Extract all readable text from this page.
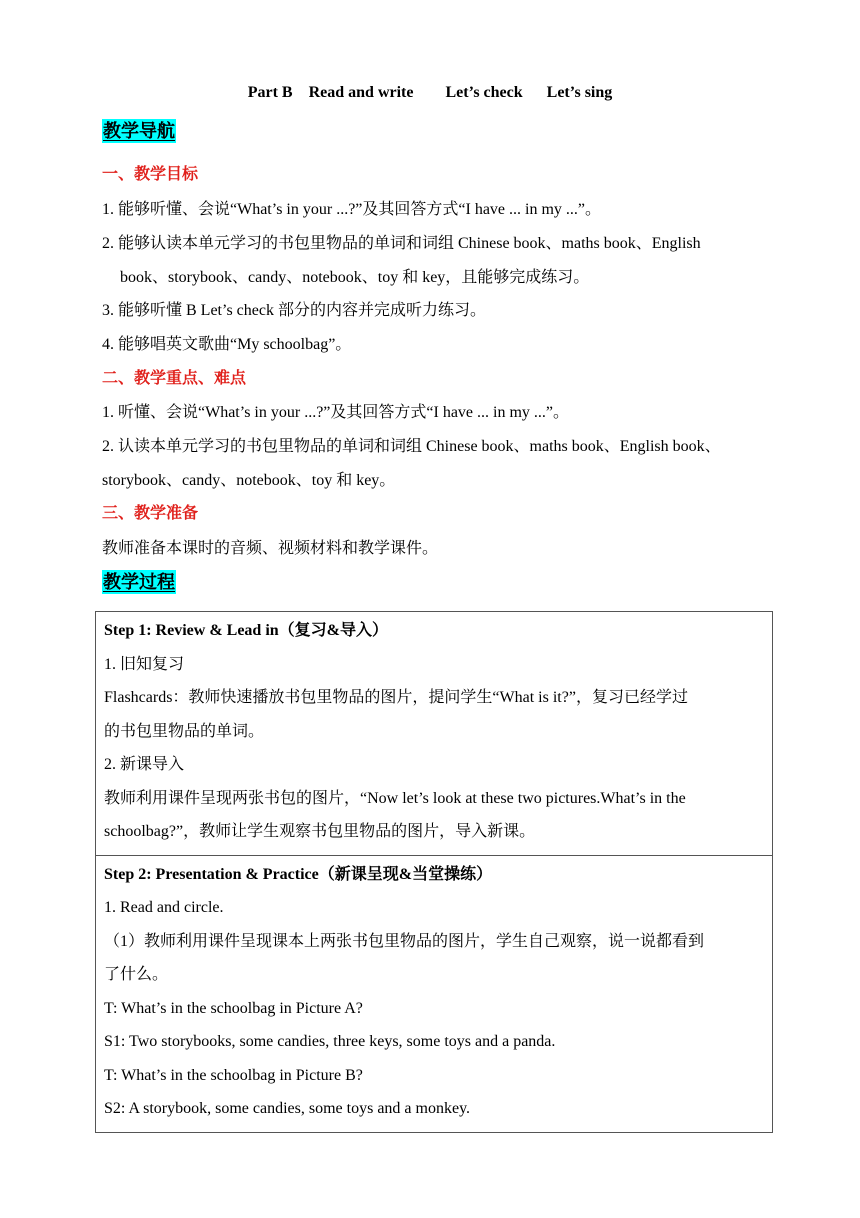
Part B    Read and write        Let’s check      Let’s sing
教学导航
一、教学目标
1. 能够听懂、会说“What’s in your ...?”及其回答方式“I have ... in my ...”。
2. 能够认读本单元学习的书包里物品的单词和词组 Chinese book、maths book、English
book、storybook、candy、notebook、toy 和 key，且能够完成练习。
3. 能够听懂 B Let’s check 部分的内容并完成听力练习。
4. 能够唱英文歌曲“My schoolbag”。
二、教学重点、难点
1. 听懂、会说“What’s in your ...?”及其回答方式“I have ... in my ...”。
2. 认读本单元学习的书包里物品的单词和词组 Chinese book、maths book、English book、
storybook、candy、notebook、toy 和 key。
三、教学准备
教师准备本课时的音频、视频材料和教学课件。
教学过程
Step 1: Review & Lead in（复习&导入）
1. 旧知复习
Flashcards：教师快速播放书包里物品的图片，提问学生“What is it?”，复习已经学过
的书包里物品的单词。
2. 新课导入
教师利用课件呈现两张书包的图片，“Now let’s look at these two pictures.What’s in the
schoolbag?”，教师让学生观察书包里物品的图片，导入新课。

Step 2: Presentation & Practice（新课呈现&当堂操练）
1. Read and circle.
（1）教师利用课件呈现课本上两张书包里物品的图片，学生自己观察，说一说都看到
了什么。
T: What’s in the schoolbag in Picture A?
S1: Two storybooks, some candies, three keys, some toys and a panda.
T: What’s in the schoolbag in Picture B?
S2: A storybook, some candies, some toys and a monkey.
